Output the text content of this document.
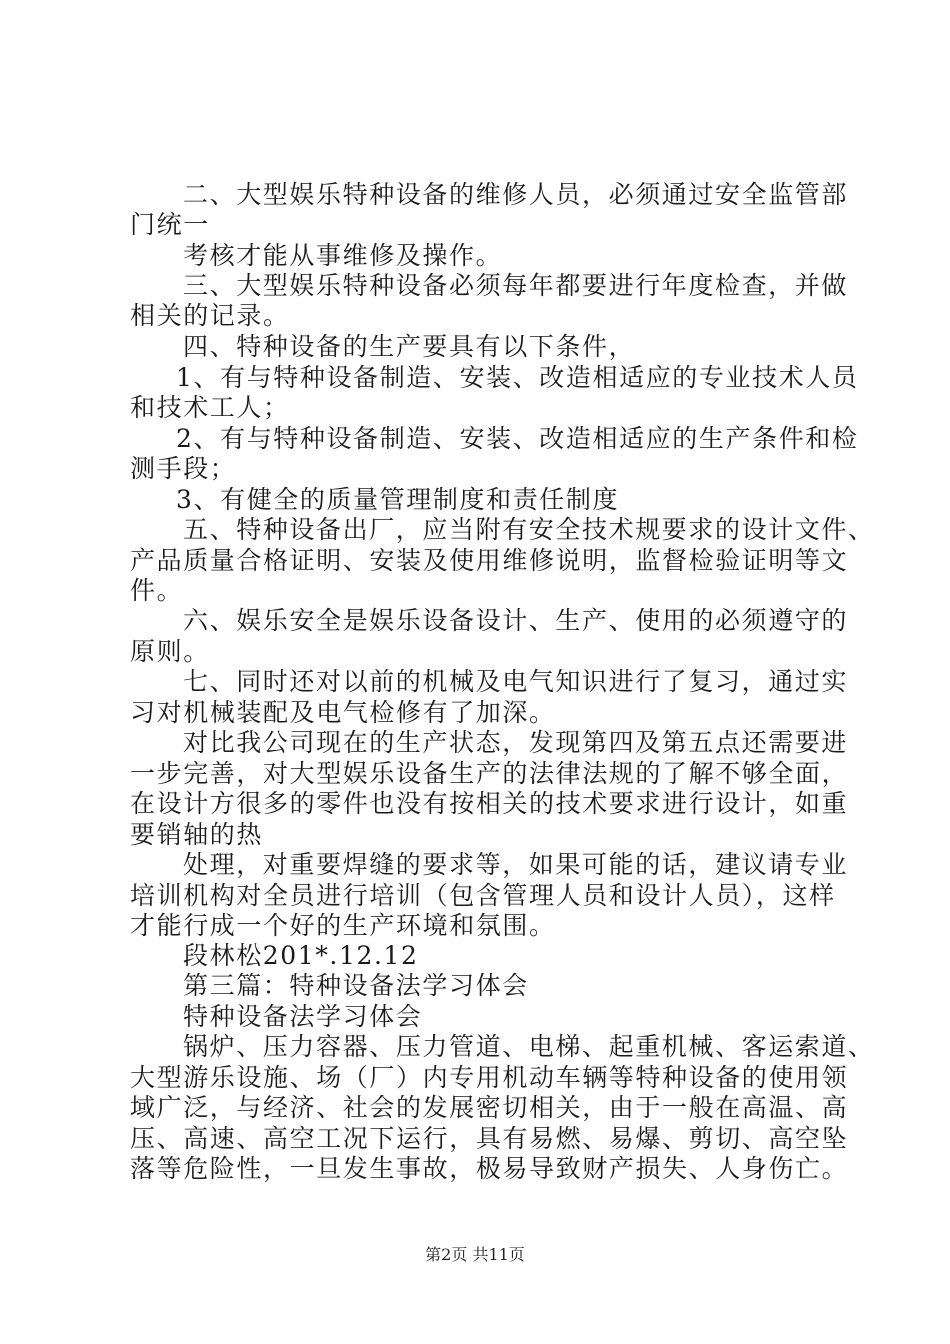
二、大型娱乐特种设备的维修人员，必须通过安全监管部
门统一
考核才能从事维修及操作。
三、大型娱乐特种设备必须每年都要进行年度检查，并做
相关的记录。
四、特种设备的生产要具有以下条件，
1、有与特种设备制造、安装、改造相适应的专业技术人员
和技术工人；
2、有与特种设备制造、安装、改造相适应的生产条件和检
测手段；
3、有健全的质量管理制度和责任制度
五、特种设备出厂，应当附有安全技术规要求的设计文件、
产品质量合格证明、安装及使用维修说明，监督检验证明等文
件。
六、娱乐安全是娱乐设备设计、生产、使用的必须遵守的
原则。
七、同时还对以前的机械及电气知识进行了复习，通过实
习对机械装配及电气检修有了加深。
对比我公司现在的生产状态，发现第四及第五点还需要进
一步完善，对大型娱乐设备生产的法律法规的了解不够全面，
在设计方很多的零件也没有按相关的技术要求进行设计，如重
要销轴的热
处理，对重要焊缝的要求等，如果可能的话，建议请专业
培训机构对全员进行培训（包含管理人员和设计人员），这样
才能行成一个好的生产环境和氛围。
段林松201*.12.12
第三篇：特种设备法学习体会
特种设备法学习体会
锅炉、压力容器、压力管道、电梯、起重机械、客运索道、
大型游乐设施、场（厂）内专用机动车辆等特种设备的使用领
域广泛，与经济、社会的发展密切相关，由于一般在高温、高
压、高速、高空工况下运行，具有易燃、易爆、剪切、高空坠
落等危险性，一旦发生事故，极易导致财产损失、人身伤亡。
第2页 共11页
